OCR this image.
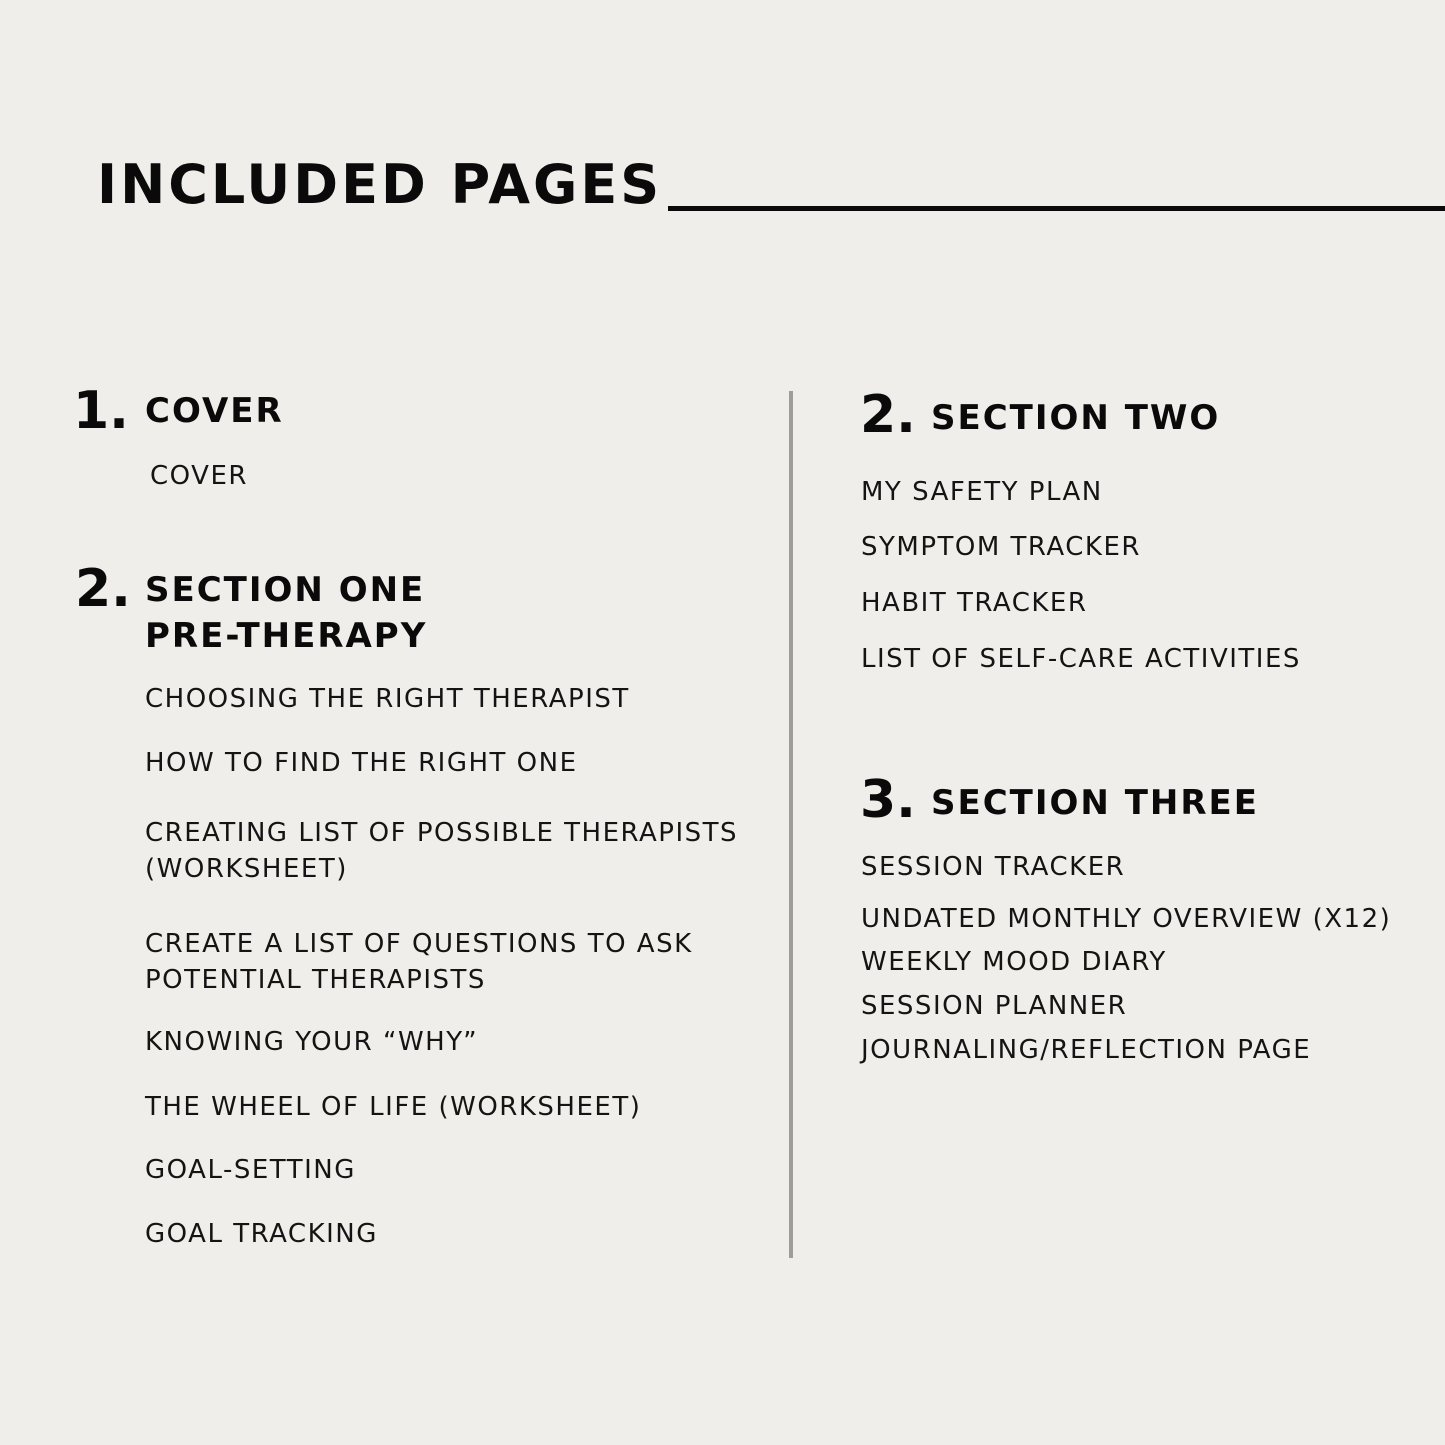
INCLUDED PAGES
1. COVER
COVER
2. SECTION ONE
PRE-THERAPY
CHOOSING THE RIGHT THERAPIST
HOW TO FIND THE RIGHT ONE
CREATING LIST OF POSSIBLE THERAPISTS
(WORKSHEET)
CREATE A LIST OF QUESTIONS TO ASK
POTENTIAL THERAPISTS
KNOWING YOUR “WHY”
THE WHEEL OF LIFE (WORKSHEET)
GOAL-SETTING
GOAL TRACKING
2. SECTION TWO
MY SAFETY PLAN
SYMPTOM TRACKER
HABIT TRACKER
LIST OF SELF-CARE ACTIVITIES
3. SECTION THREE
SESSION TRACKER
UNDATED MONTHLY OVERVIEW (X12)
WEEKLY MOOD DIARY
SESSION PLANNER
JOURNALING/REFLECTION PAGE
